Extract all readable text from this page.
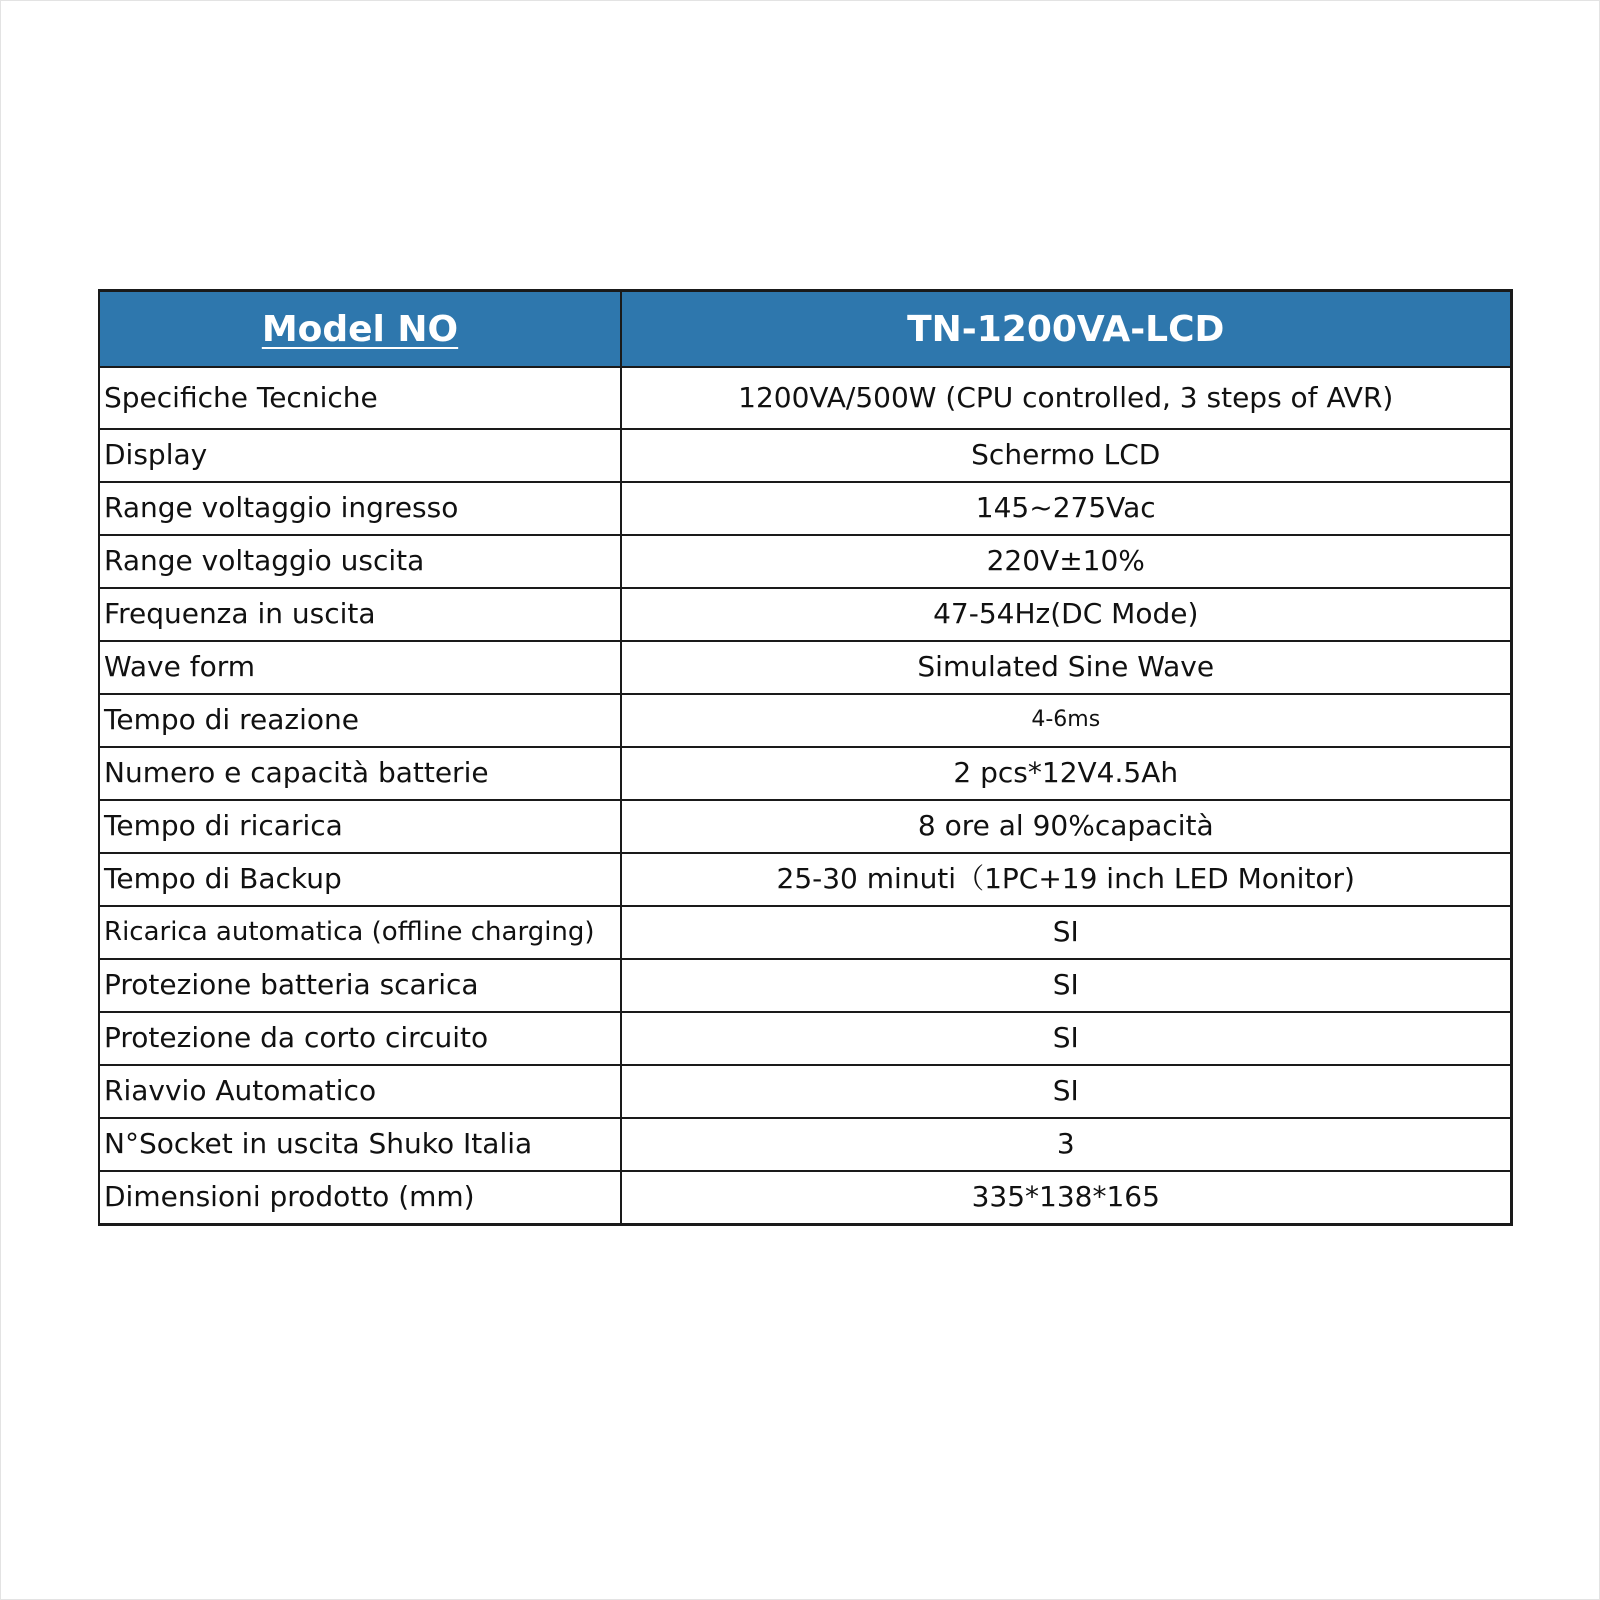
Model NO	TN-1200VA-LCD
Specifiche Tecniche	1200VA/500W (CPU controlled, 3 steps of AVR)
Display	Schermo LCD
Range voltaggio ingresso	145~275Vac
Range voltaggio uscita	220V±10%
Frequenza in uscita	47-54Hz(DC Mode)
Wave form	Simulated Sine Wave
Tempo di reazione	4-6ms
Numero e capacità batterie	2 pcs*12V4.5Ah
Tempo di ricarica	8 ore al 90%capacità
Tempo di Backup	25-30 minuti（1PC+19 inch LED Monitor)
Ricarica automatica (offline charging)	SI
Protezione batteria scarica	SI
Protezione da corto circuito	SI
Riavvio Automatico	SI
N°Socket in uscita Shuko Italia	3
Dimensioni prodotto (mm)	335*138*165
